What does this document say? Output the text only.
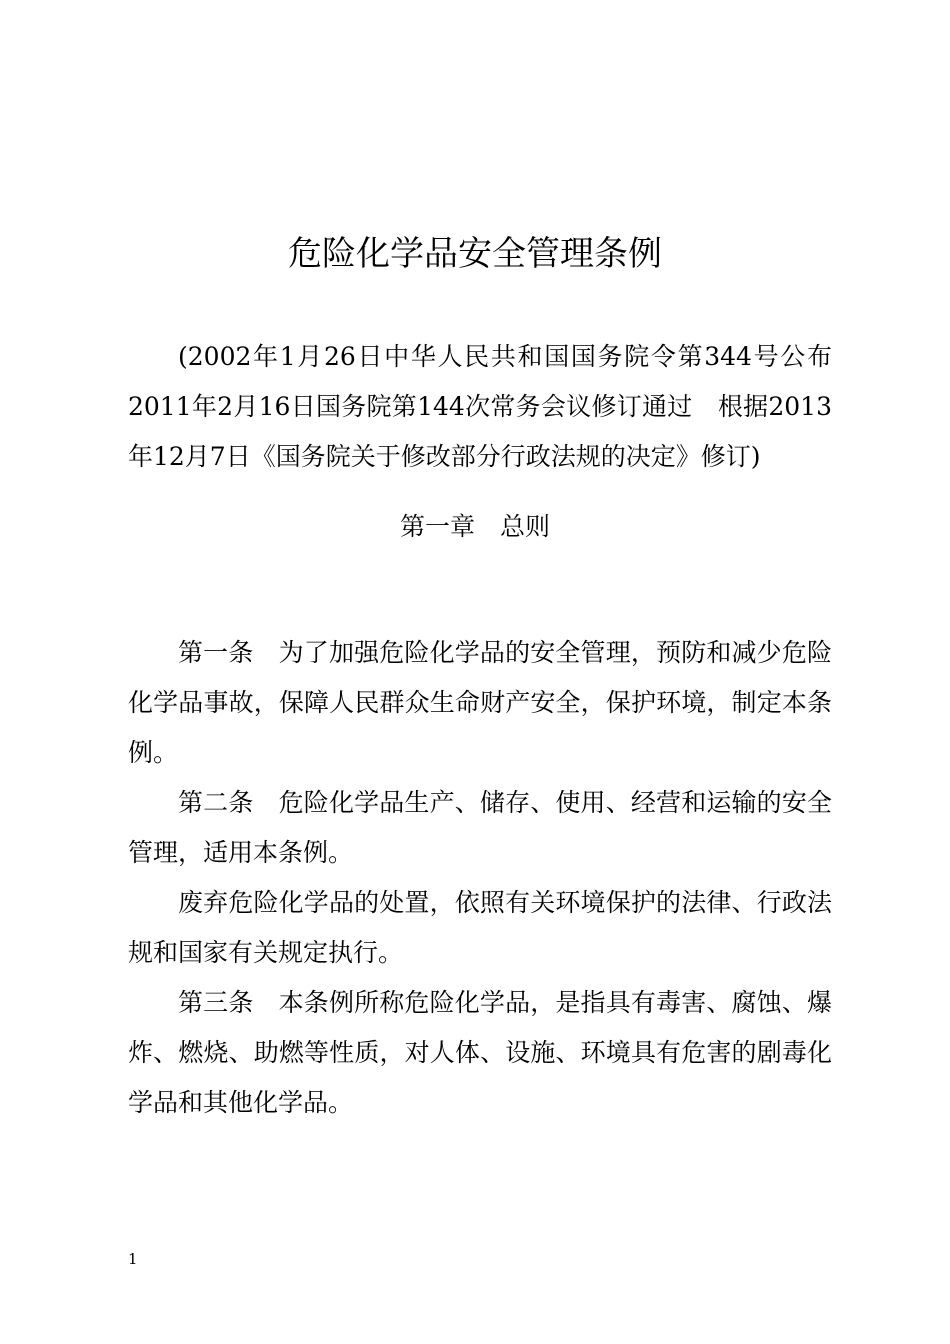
危险化学品安全管理条例

(2002年1月26日中华人民共和国国务院令第344号公布　2011年2月16日国务院第144次常务会议修订通过　根据2013年12月7日《国务院关于修改部分行政法规的决定》修订)

第一章　总则

第一条　为了加强危险化学品的安全管理，预防和减少危险化学品事故，保障人民群众生命财产安全，保护环境，制定本条例。

第二条　危险化学品生产、储存、使用、经营和运输的安全管理，适用本条例。

废弃危险化学品的处置，依照有关环境保护的法律、行政法规和国家有关规定执行。

第三条　本条例所称危险化学品，是指具有毒害、腐蚀、爆炸、燃烧、助燃等性质，对人体、设施、环境具有危害的剧毒化学品和其他化学品。

1
